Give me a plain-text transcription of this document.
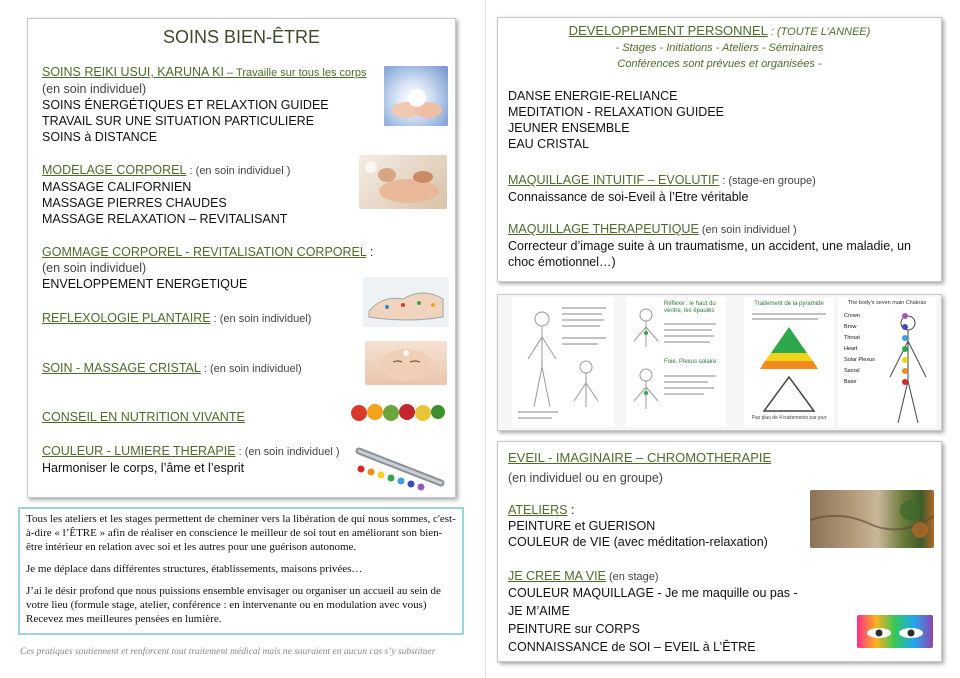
SOINS BIEN-ÊTRE
SOINS REIKI USUI, KARUNA KI – Travaille sur tous les corps
(en soin individuel)
SOINS ÉNERGÉTIQUES ET RELAXTION GUIDEE
TRAVAIL SUR UNE SITUATION PARTICULIERE
SOINS à DISTANCE
MODELAGE CORPOREL : (en soin individuel )
MASSAGE CALIFORNIEN
MASSAGE PIERRES CHAUDES
MASSAGE RELAXATION – REVITALISANT
GOMMAGE CORPOREL - REVITALISATION CORPOREL :
(en soin individuel)
ENVELOPPEMENT ENERGETIQUE
REFLEXOLOGIE PLANTAIRE : (en soin individuel)
SOIN - MASSAGE CRISTAL : (en soin individuel)
CONSEIL EN NUTRITION VIVANTE
COULEUR - LUMIERE THERAPIE : (en soin individuel )
Harmoniser le corps, l’âme et l’esprit
Tous les ateliers et les stages permettent de cheminer vers la libération de qui nous sommes, c'est-à-dire « l’ÊTRE » afin de réaliser en conscience le meilleur de soi tout en améliorant son bien-être intérieur en relation avec soi et les autres pour une guérison autonome.
Je me déplace dans différentes structures, établissements, maisons privées…
J’ai le désir profond que nous puissions ensemble envisager ou organiser un accueil au sein de votre lieu (formule stage, atelier, conférence : en intervenante ou en modulation avec vous) Recevez mes meilleures pensées en lumière.
Ces pratiques soutiennent et renforcent tout traitement médical mais ne sauraient en aucun cas s’y substituer
DEVELOPPEMENT PERSONNEL : (TOUTE L’ANNEE)
- Stages - Initiations - Ateliers - Séminaires
Conférences sont prévues et organisées -
DANSE ENERGIE-RELIANCE
MEDITATION - RELAXATION GUIDEE
JEUNER ENSEMBLE
EAU CRISTAL
MAQUILLAGE INTUITIF – EVOLUTIF : (stage-en groupe)
Connaissance de soi-Eveil à l’Etre véritable
MAQUILLAGE THERAPEUTIQUE (en soin individuel )
Correcteur d’image suite à un traumatisme, un accident, une maladie, un
choc émotionnel…)
Réflexe : le haut du ventre, les épaules
Foie, Plexus solaire :
Traitement de la pyramide
Pas plus de 4 traitements par jour
The body's seven main Chakras
Crown
Brow
Throat
Heart
Solar Plexus
Sacral
Base
EVEIL - IMAGINAIRE – CHROMOTHERAPIE
(en individuel ou en groupe)
ATELIERS :
PEINTURE et GUERISON
COULEUR de VIE (avec méditation-relaxation)
JE CREE MA VIE (en stage)
COULEUR MAQUILLAGE - Je me maquille ou pas -
JE M’AIME
PEINTURE sur CORPS
CONNAISSANCE de SOI – EVEIL à L’ÊTRE
